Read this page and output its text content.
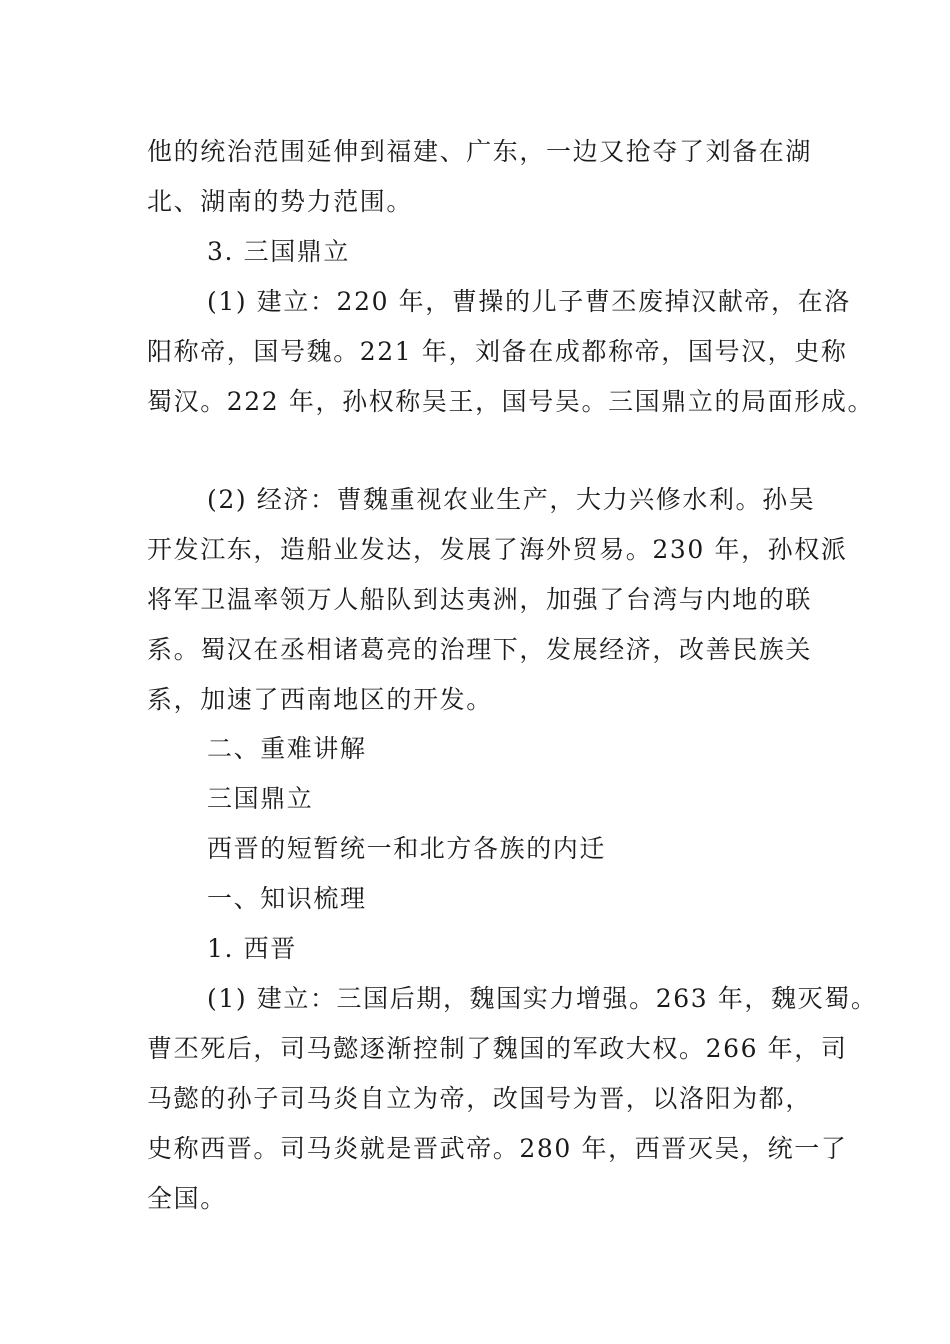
他的统治范围延伸到福建、广东，一边又抢夺了刘备在湖

北、湖南的势力范围。

3. 三国鼎立

(1) 建立：220 年，曹操的儿子曹丕废掉汉献帝，在洛

阳称帝，国号魏。221 年，刘备在成都称帝，国号汉，史称

蜀汉。222 年，孙权称吴王，国号吴。三国鼎立的局面形成。

(2) 经济：曹魏重视农业生产，大力兴修水利。孙吴

开发江东，造船业发达，发展了海外贸易。230 年，孙权派

将军卫温率领万人船队到达夷洲，加强了台湾与内地的联

系。蜀汉在丞相诸葛亮的治理下，发展经济，改善民族关

系，加速了西南地区的开发。

二、重难讲解

三国鼎立

西晋的短暂统一和北方各族的内迁

一、知识梳理

1. 西晋

(1) 建立：三国后期，魏国实力增强。263 年，魏灭蜀。

曹丕死后，司马懿逐渐控制了魏国的军政大权。266 年，司

马懿的孙子司马炎自立为帝，改国号为晋，以洛阳为都，

史称西晋。司马炎就是晋武帝。280 年，西晋灭吴，统一了

全国。
